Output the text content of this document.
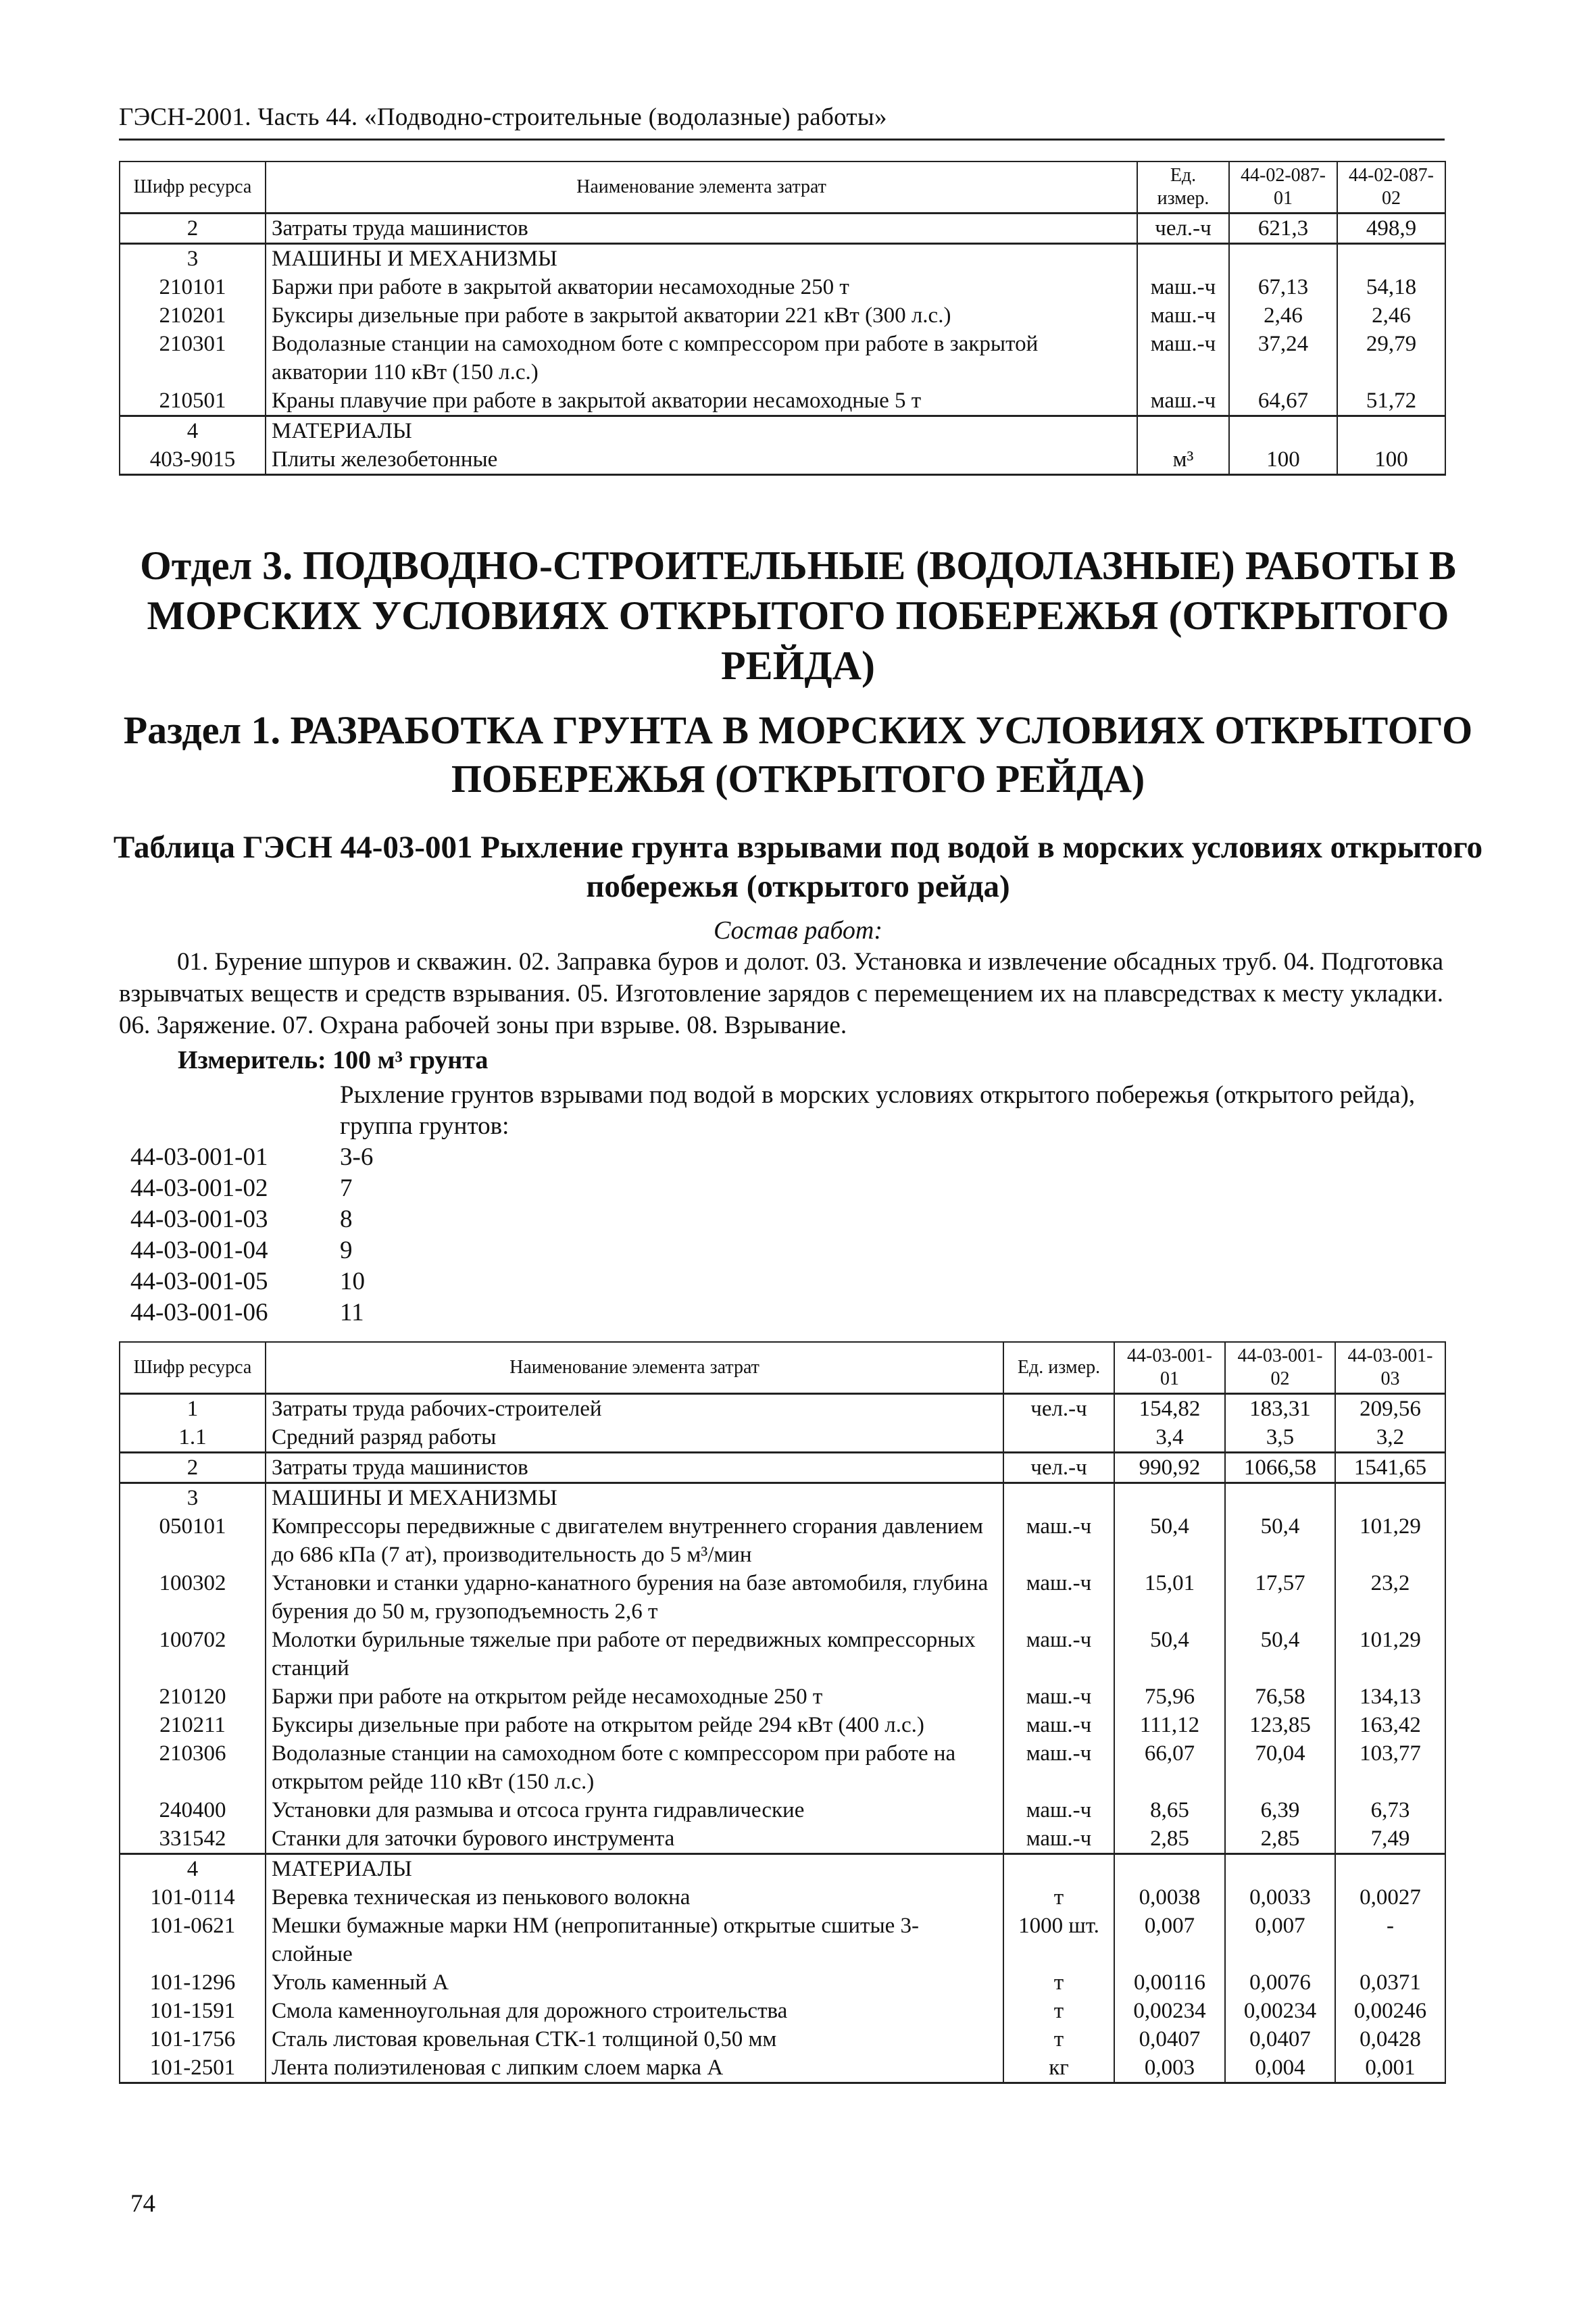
ГЭСН-2001. Часть 44. «Подводно-строительные (водолазные) работы»
Шифр ресурса	Наименование элемента затрат	Ед. измер.	44-02-087-01	44-02-087-02
2	Затраты труда машинистов	чел.-ч	621,3	498,9
3	МАШИНЫ И МЕХАНИЗМЫ			
210101	Баржи при работе в закрытой акватории несамоходные 250 т	маш.-ч	67,13	54,18
210201	Буксиры дизельные при работе в закрытой акватории 221 кВт (300 л.с.)	маш.-ч	2,46	2,46
210301	Водолазные станции на самоходном боте с компрессором при работе в закрытой акватории 110 кВт (150 л.с.)	маш.-ч	37,24	29,79
210501	Краны плавучие при работе в закрытой акватории несамоходные 5 т	маш.-ч	64,67	51,72
4	МАТЕРИАЛЫ			
403-9015	Плиты железобетонные	м³	100	100
Отдел 3. ПОДВОДНО-СТРОИТЕЛЬНЫЕ (ВОДОЛАЗНЫЕ) РАБОТЫ В МОРСКИХ УСЛОВИЯХ ОТКРЫТОГО ПОБЕРЕЖЬЯ (ОТКРЫТОГО РЕЙДА)
Раздел 1. РАЗРАБОТКА ГРУНТА В МОРСКИХ УСЛОВИЯХ ОТКРЫТОГО ПОБЕРЕЖЬЯ (ОТКРЫТОГО РЕЙДА)
Таблица ГЭСН 44-03-001 Рыхление грунта взрывами под водой в морских условиях открытого побережья (открытого рейда)
Состав работ:
01. Бурение шпуров и скважин. 02. Заправка буров и долот. 03. Установка и извлечение обсадных труб. 04. Подготовка взрывчатых веществ и средств взрывания. 05. Изготовление зарядов с перемещением их на плавсредствах к месту укладки. 06. Заряжение. 07. Охрана рабочей зоны при взрыве. 08. Взрывание.
Измеритель: 100 м³ грунта
Рыхление грунтов взрывами под водой в морских условиях открытого побережья (открытого рейда), группа грунтов:
44-03-001-01	3-6
44-03-001-02	7
44-03-001-03	8
44-03-001-04	9
44-03-001-05	10
44-03-001-06	11
Шифр ресурса	Наименование элемента затрат	Ед. измер.	44-03-001-01	44-03-001-02	44-03-001-03
1	Затраты труда рабочих-строителей	чел.-ч	154,82	183,31	209,56
1.1	Средний разряд работы		3,4	3,5	3,2
2	Затраты труда машинистов	чел.-ч	990,92	1066,58	1541,65
3	МАШИНЫ И МЕХАНИЗМЫ				
050101	Компрессоры передвижные с двигателем внутреннего сгорания давлением до 686 кПа (7 ат), производительность до 5 м³/мин	маш.-ч	50,4	50,4	101,29
100302	Установки и станки ударно-канатного бурения на базе автомобиля, глубина бурения до 50 м, грузоподъемность 2,6 т	маш.-ч	15,01	17,57	23,2
100702	Молотки бурильные тяжелые при работе от передвижных компрессорных станций	маш.-ч	50,4	50,4	101,29
210120	Баржи при работе на открытом рейде несамоходные 250 т	маш.-ч	75,96	76,58	134,13
210211	Буксиры дизельные при работе на открытом рейде 294 кВт (400 л.с.)	маш.-ч	111,12	123,85	163,42
210306	Водолазные станции на самоходном боте с компрессором при работе на открытом рейде 110 кВт (150 л.с.)	маш.-ч	66,07	70,04	103,77
240400	Установки для размыва и отсоса грунта гидравлические	маш.-ч	8,65	6,39	6,73
331542	Станки для заточки бурового инструмента	маш.-ч	2,85	2,85	7,49
4	МАТЕРИАЛЫ				
101-0114	Веревка техническая из пенькового волокна	т	0,0038	0,0033	0,0027
101-0621	Мешки бумажные марки НМ (непропитанные) открытые сшитые 3-слойные	1000 шт.	0,007	0,007	-
101-1296	Уголь каменный А	т	0,00116	0,0076	0,0371
101-1591	Смола каменноугольная для дорожного строительства	т	0,00234	0,00234	0,00246
101-1756	Сталь листовая кровельная СТК-1 толщиной 0,50 мм	т	0,0407	0,0407	0,0428
101-2501	Лента полиэтиленовая с липким слоем марка А	кг	0,003	0,004	0,001
74
